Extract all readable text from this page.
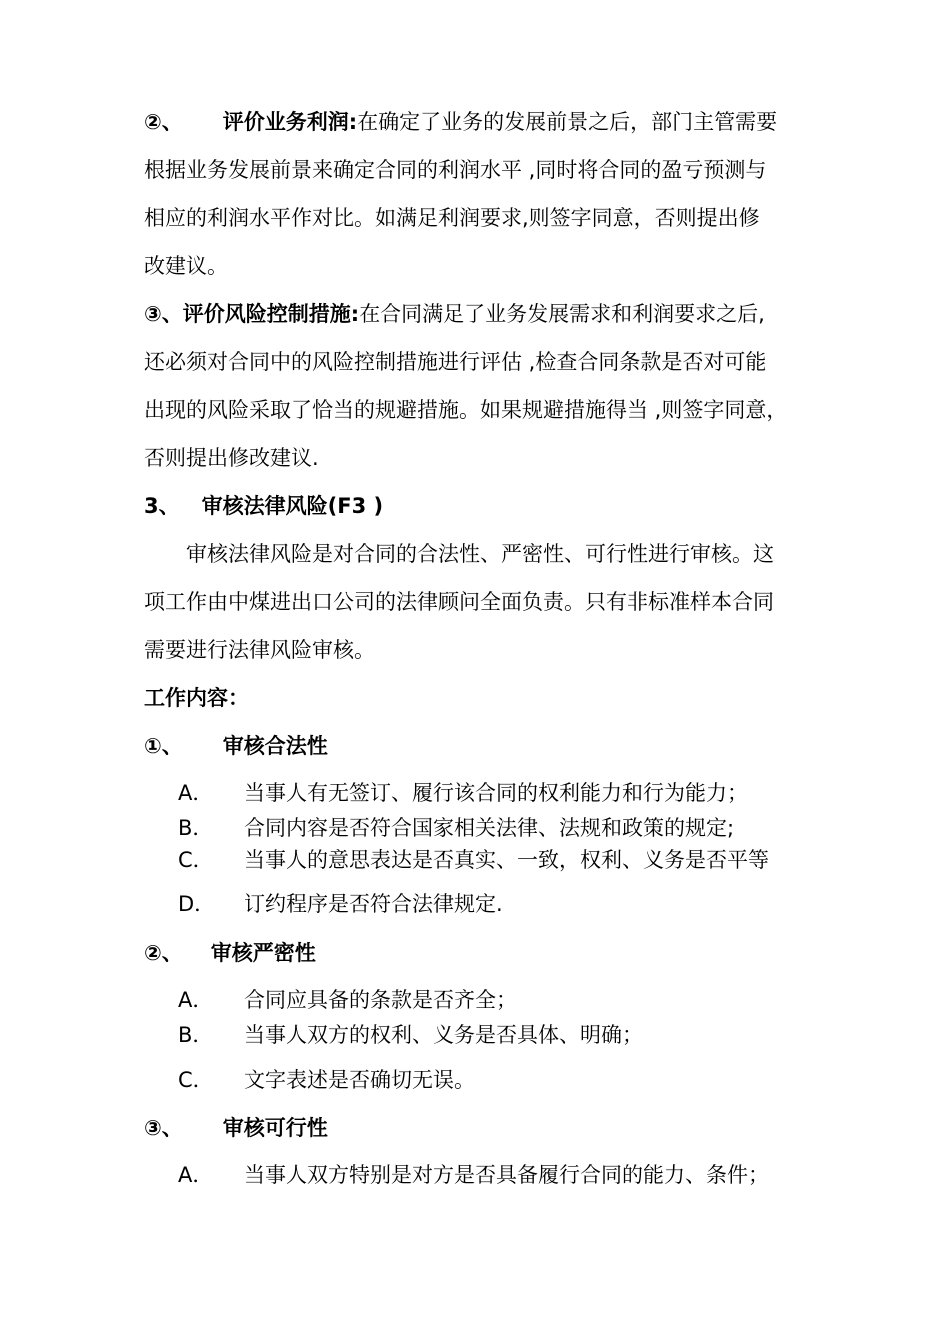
②、 评价业务利润:在确定了业务的发展前景之后，部门主管需要
根据业务发展前景来确定合同的利润水平 ,同时将合同的盈亏预测与
相应的利润水平作对比。如满足利润要求,则签字同意，否则提出修
改建议。
③、评价风险控制措施:在合同满足了业务发展需求和利润要求之后,
还必须对合同中的风险控制措施进行评估 ,检查合同条款是否对可能
出现的风险采取了恰当的规避措施。如果规避措施得当 ,则签字同意，
否则提出修改建议.
3、 审核法律风险(F3 )
审核法律风险是对合同的合法性、严密性、可行性进行审核。这
项工作由中煤进出口公司的法律顾问全面负责。只有非标准样本合同
需要进行法律风险审核。
工作内容：
①、 审核合法性
A． 当事人有无签订、履行该合同的权利能力和行为能力；
B． 合同内容是否符合国家相关法律、法规和政策的规定;
C． 当事人的意思表达是否真实、一致，权利、义务是否平等
D． 订约程序是否符合法律规定.
②、 审核严密性
A． 合同应具备的条款是否齐全；
B． 当事人双方的权利、义务是否具体、明确；
C． 文字表述是否确切无误。
③、 审核可行性
A． 当事人双方特别是对方是否具备履行合同的能力、条件；
